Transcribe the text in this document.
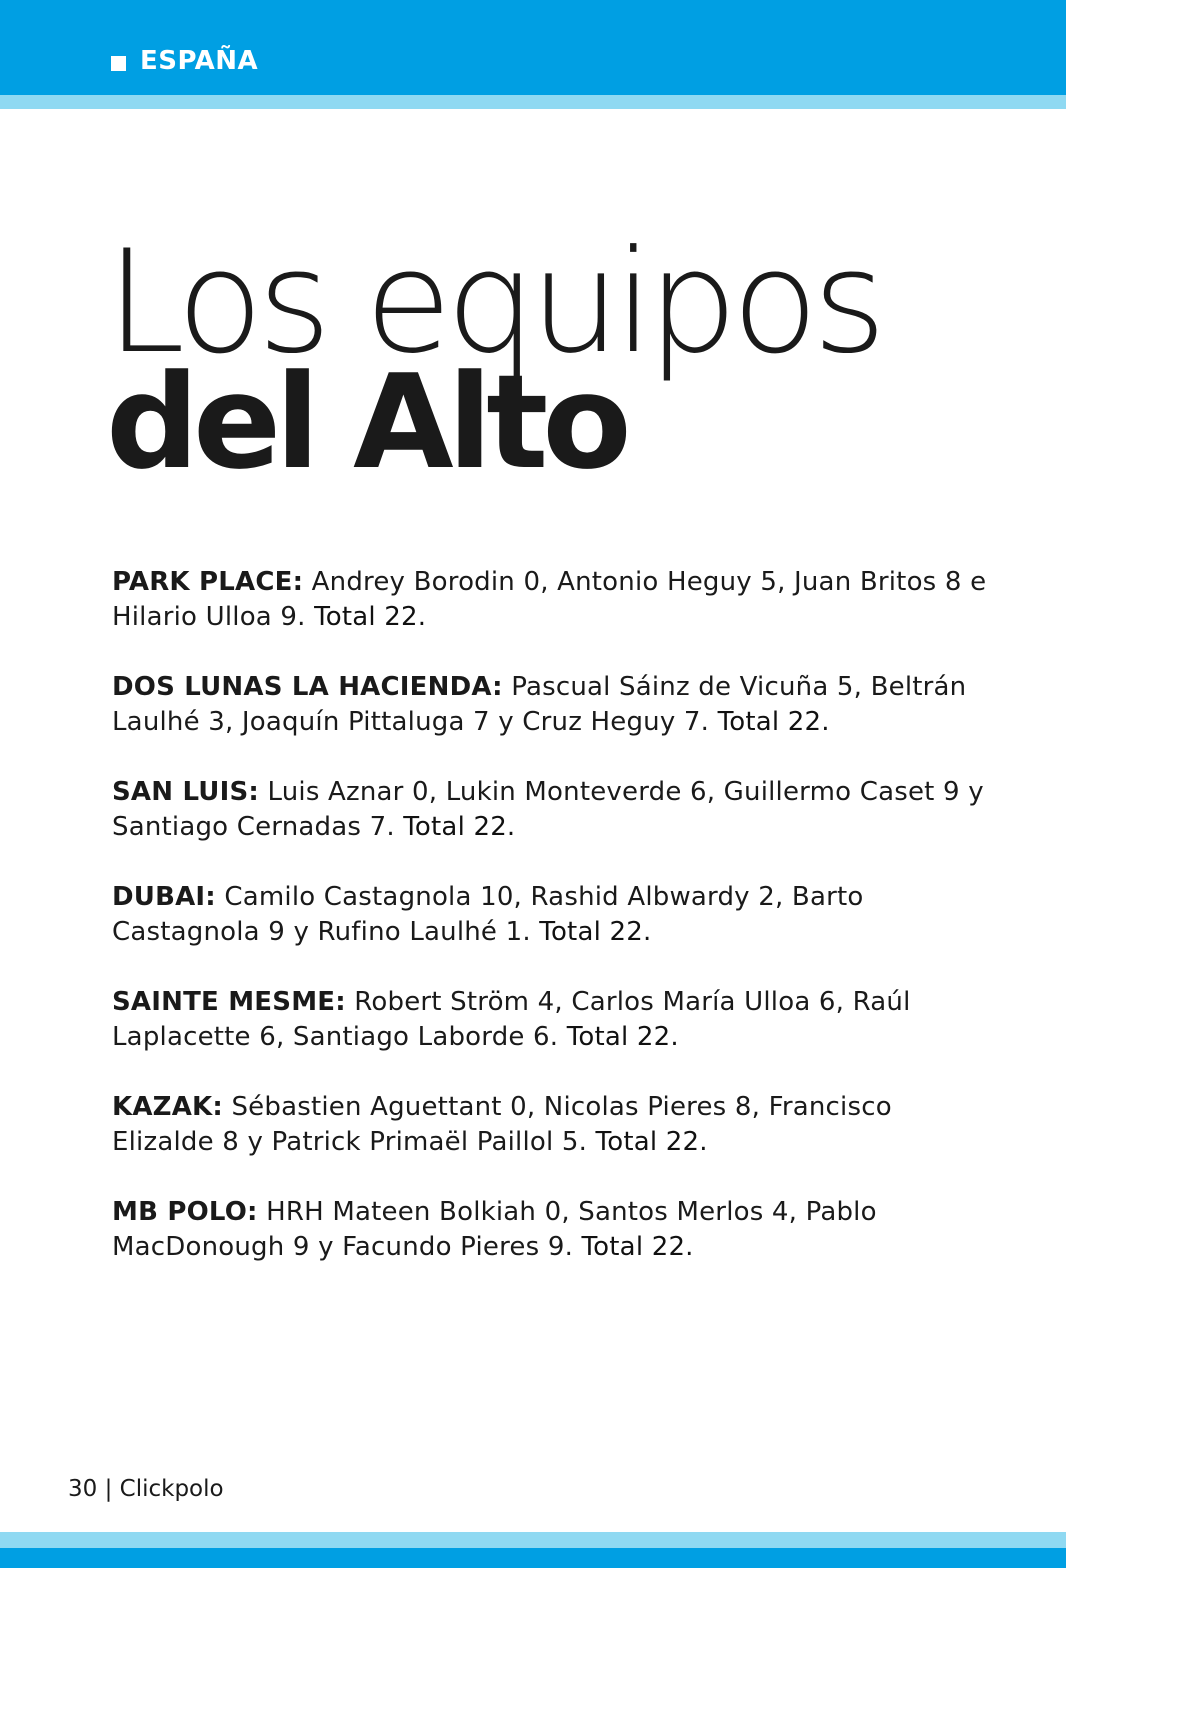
ESPAÑA
Los equipos
del Alto

PARK PLACE: Andrey Borodin 0, Antonio Heguy 5, Juan Britos 8 e Hilario Ulloa 9. Total 22.

DOS LUNAS LA HACIENDA: Pascual Sáinz de Vicuña 5, Beltrán Laulhé 3, Joaquín Pittaluga 7 y Cruz Heguy 7. Total 22.

SAN LUIS: Luis Aznar 0, Lukin Monteverde 6, Guillermo Caset 9 y Santiago Cernadas 7. Total 22.

DUBAI: Camilo Castagnola 10, Rashid Albwardy 2, Barto Castagnola 9 y Rufino Laulhé 1. Total 22.

SAINTE MESME: Robert Ström 4, Carlos María Ulloa 6, Raúl Laplacette 6, Santiago Laborde 6. Total 22.

KAZAK: Sébastien Aguettant 0, Nicolas Pieres 8, Francisco Elizalde 8 y Patrick Primaël Paillol 5. Total 22.

MB POLO: HRH Mateen Bolkiah 0, Santos Merlos 4, Pablo MacDonough 9 y Facundo Pieres 9. Total 22.

30 | Clickpolo
